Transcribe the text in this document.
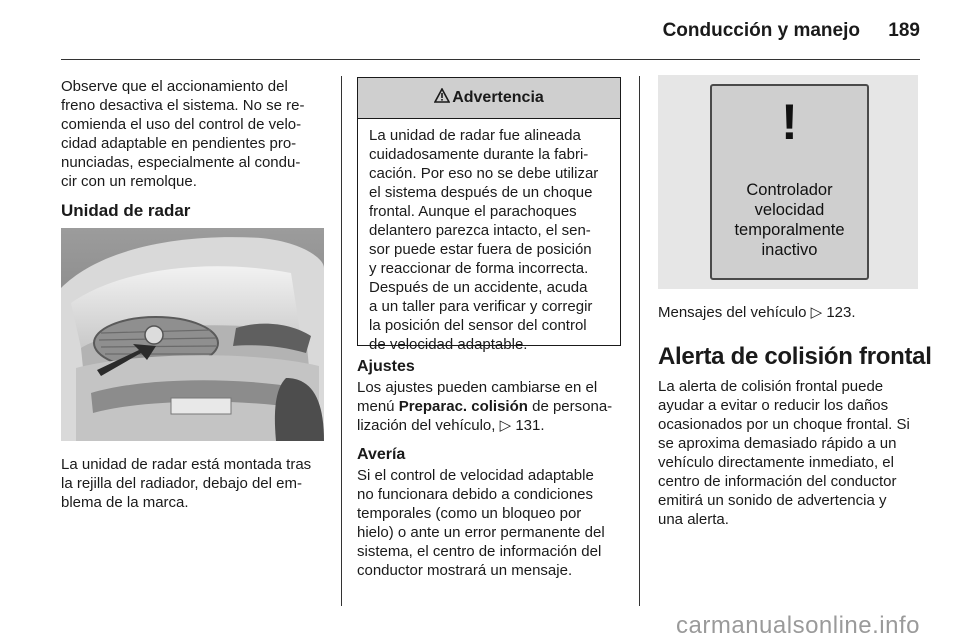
Conducción y manejo	189
Observe que el accionamiento del
freno desactiva el sistema. No se re-
comienda el uso del control de velo-
cidad adaptable en pendientes pro-
nunciadas, especialmente al condu-
cir con un remolque.
Unidad de radar
La unidad de radar está montada tras
la rejilla del radiador, debajo del em-
blema de la marca.
Advertencia
La unidad de radar fue alineada
cuidadosamente durante la fabri-
cación. Por eso no se debe utilizar
el sistema después de un choque
frontal. Aunque el parachoques
delantero parezca intacto, el sen-
sor puede estar fuera de posición
y reaccionar de forma incorrecta.
Después de un accidente, acuda
a un taller para verificar y corregir
la posición del sensor del control
de velocidad adaptable.
Ajustes
Los ajustes pueden cambiarse en el
menú Preparac. colisión de persona-
lización del vehículo, ▷ 131.
Avería
Si el control de velocidad adaptable
no funcionara debido a condiciones
temporales (como un bloqueo por
hielo) o ante un error permanente del
sistema, el centro de información del
conductor mostrará un mensaje.
!
Controlador
velocidad
temporalmente
inactivo
Mensajes del vehículo ▷ 123.
Alerta de colisión frontal
La alerta de colisión frontal puede
ayudar a evitar o reducir los daños
ocasionados por un choque frontal. Si
se aproxima demasiado rápido a un
vehículo directamente inmediato, el
centro de información del conductor
emitirá un sonido de advertencia y
una alerta.
carmanualsonline.info
